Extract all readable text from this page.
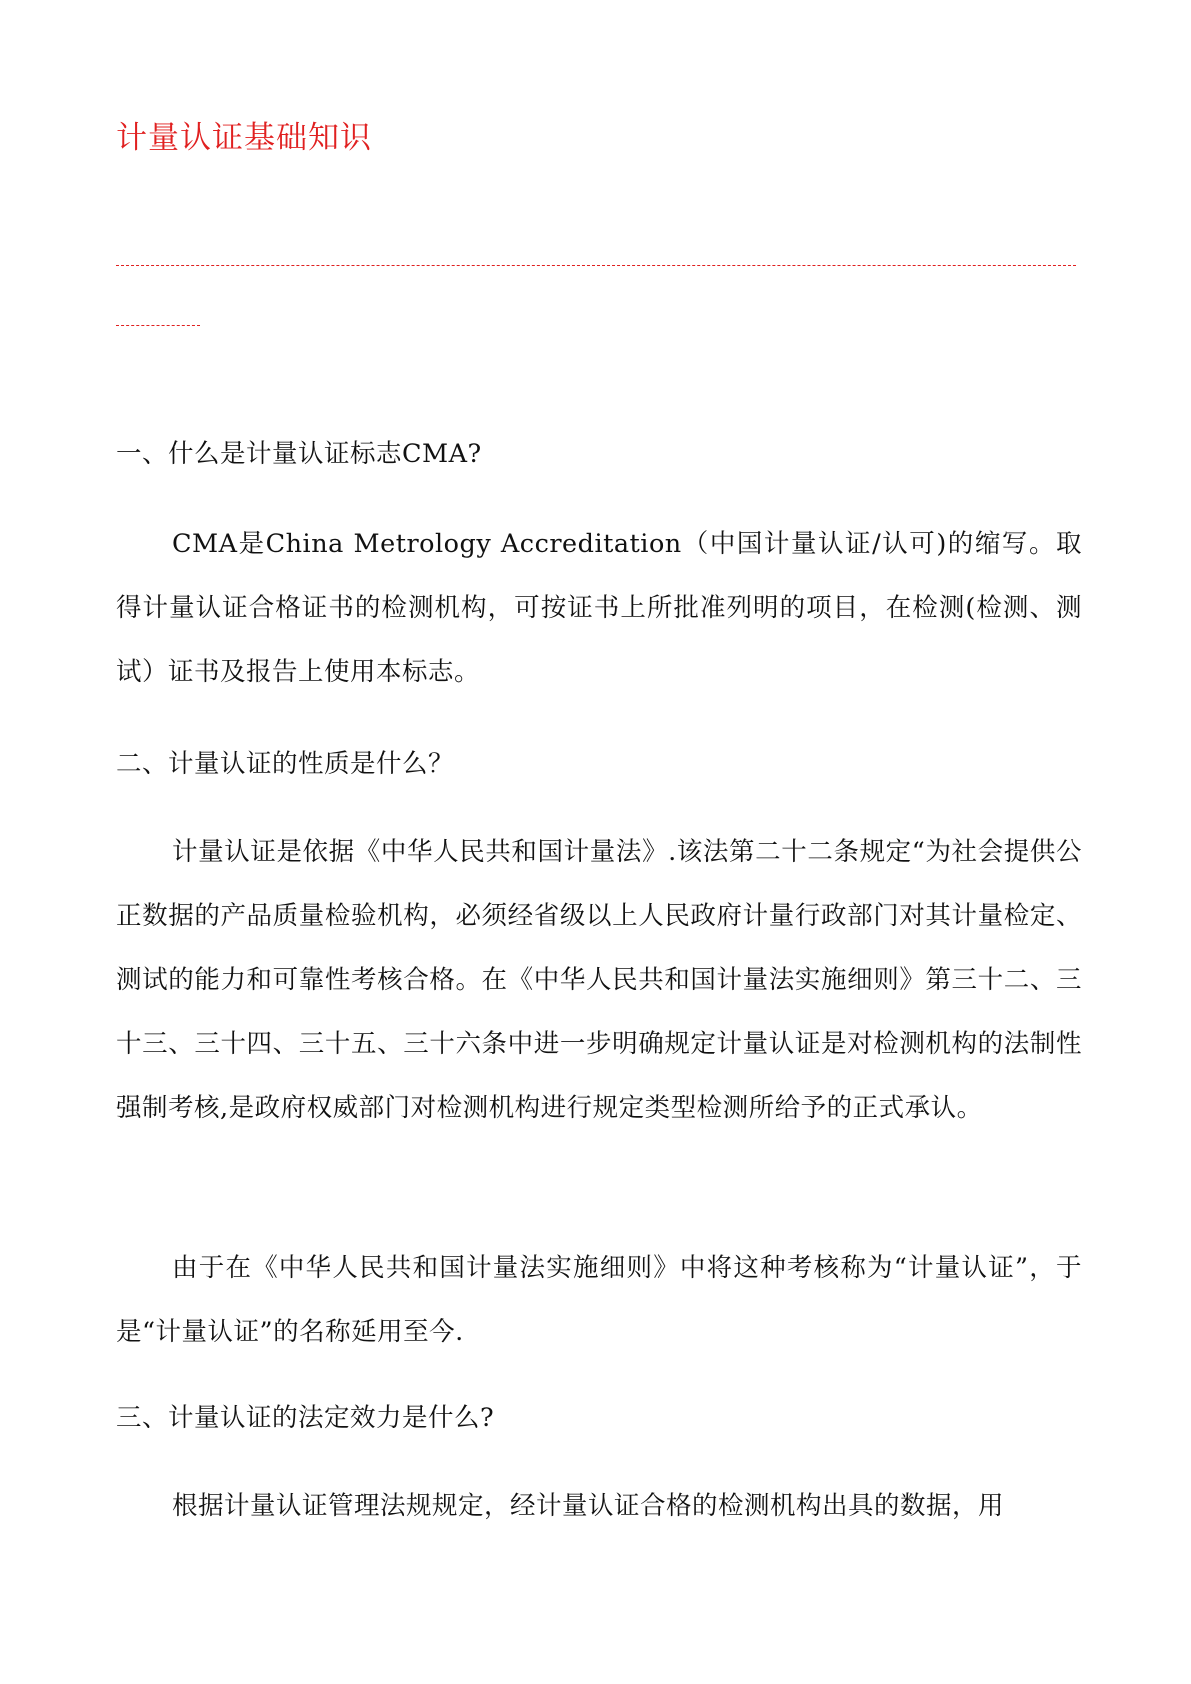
计量认证基础知识
一、什么是计量认证标志CMA?
CMA是China Metrology Accreditation（中国计量认证/认可)的缩写。取得计量认证合格证书的检测机构，可按证书上所批准列明的项目，在检测(检测、测试）证书及报告上使用本标志。
二、计量认证的性质是什么？
计量认证是依据《中华人民共和国计量法》.该法第二十二条规定“为社会提供公正数据的产品质量检验机构，必须经省级以上人民政府计量行政部门对其计量检定、测试的能力和可靠性考核合格。在《中华人民共和国计量法实施细则》第三十二、三十三、三十四、三十五、三十六条中进一步明确规定计量认证是对检测机构的法制性强制考核,是政府权威部门对检测机构进行规定类型检测所给予的正式承认。
由于在《中华人民共和国计量法实施细则》中将这种考核称为“计量认证”，于是“计量认证”的名称延用至今.
三、计量认证的法定效力是什么?
根据计量认证管理法规规定，经计量认证合格的检测机构出具的数据，用
